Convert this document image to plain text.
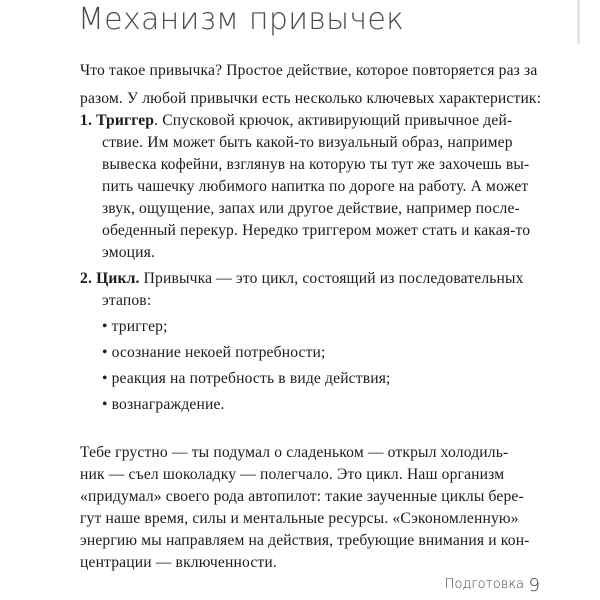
Механизм привычек
Что такое привычка? Простое действие, которое повторяется раз за
разом. У любой привычки есть несколько ключевых характеристик:
1. Триггер. Спусковой крючок, активирующий привычное дей-
ствие. Им может быть какой-то визуальный образ, например
вывеска кофейни, взглянув на которую ты тут же захочешь вы-
пить чашечку любимого напитка по дороге на работу. А может
звук, ощущение, запах или другое действие, например после-
обеденный перекур. Нередко триггером может стать и какая-то
эмоция.
2. Цикл. Привычка — это цикл, состоящий из последовательных
этапов:
• триггер;
• осознание некоей потребности;
• реакция на потребность в виде действия;
• вознаграждение.
Тебе грустно — ты подумал о сладеньком — открыл холодиль-
ник — съел шоколадку — полегчало. Это цикл. Наш организм
«придумал» своего рода автопилот: такие заученные циклы бере-
гут наше время, силы и ментальные ресурсы. «Сэкономленную»
энергию мы направляем на действия, требующие внимания и кон-
центрации — включенности.
Подготовка 9
